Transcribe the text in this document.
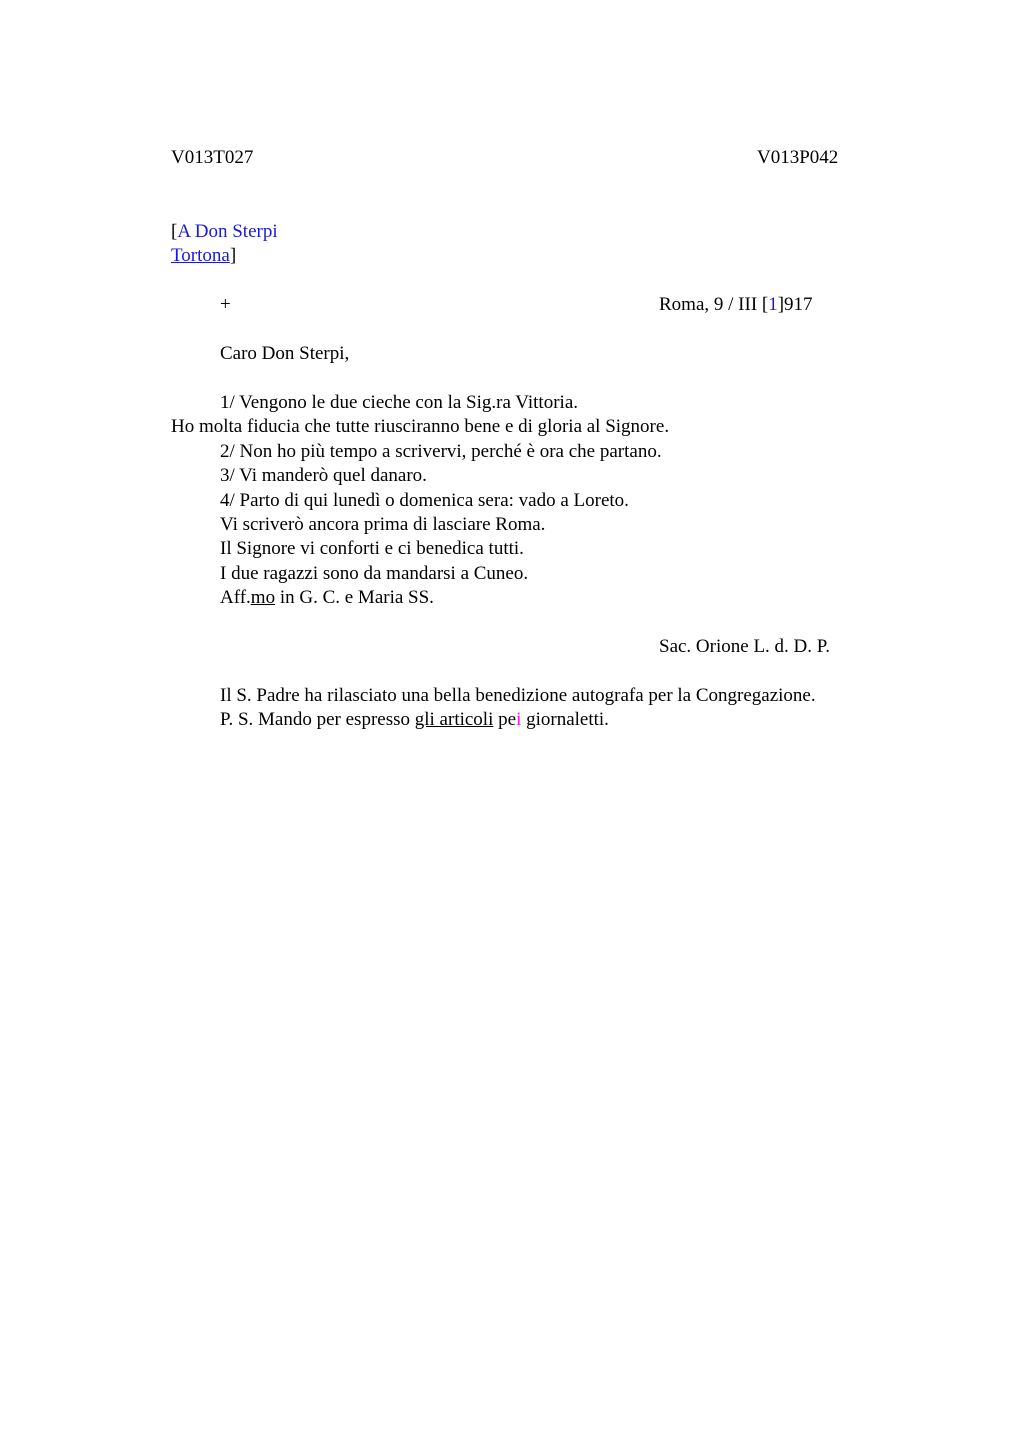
V013T027	V013P042
[A Don Sterpi
Tortona]
+	Roma, 9 / III [1]917
Caro Don Sterpi,
1/ Vengono le due cieche con la Sig.ra Vittoria.
Ho molta fiducia che tutte riusciranno bene e di gloria al Signore.
2/ Non ho più tempo a scrivervi, perché è ora che partano.
3/ Vi manderò quel danaro.
4/ Parto di qui lunedì o domenica sera: vado a Loreto.
Vi scriverò ancora prima di lasciare Roma.
Il Signore vi conforti e ci benedica tutti.
I due ragazzi sono da mandarsi a Cuneo.
Aff.mo in G. C. e Maria SS.
Sac. Orione L. d. D. P.
Il S. Padre ha rilasciato una bella benedizione autografa per la Congregazione.
P. S. Mando per espresso gli articoli pei giornaletti.
